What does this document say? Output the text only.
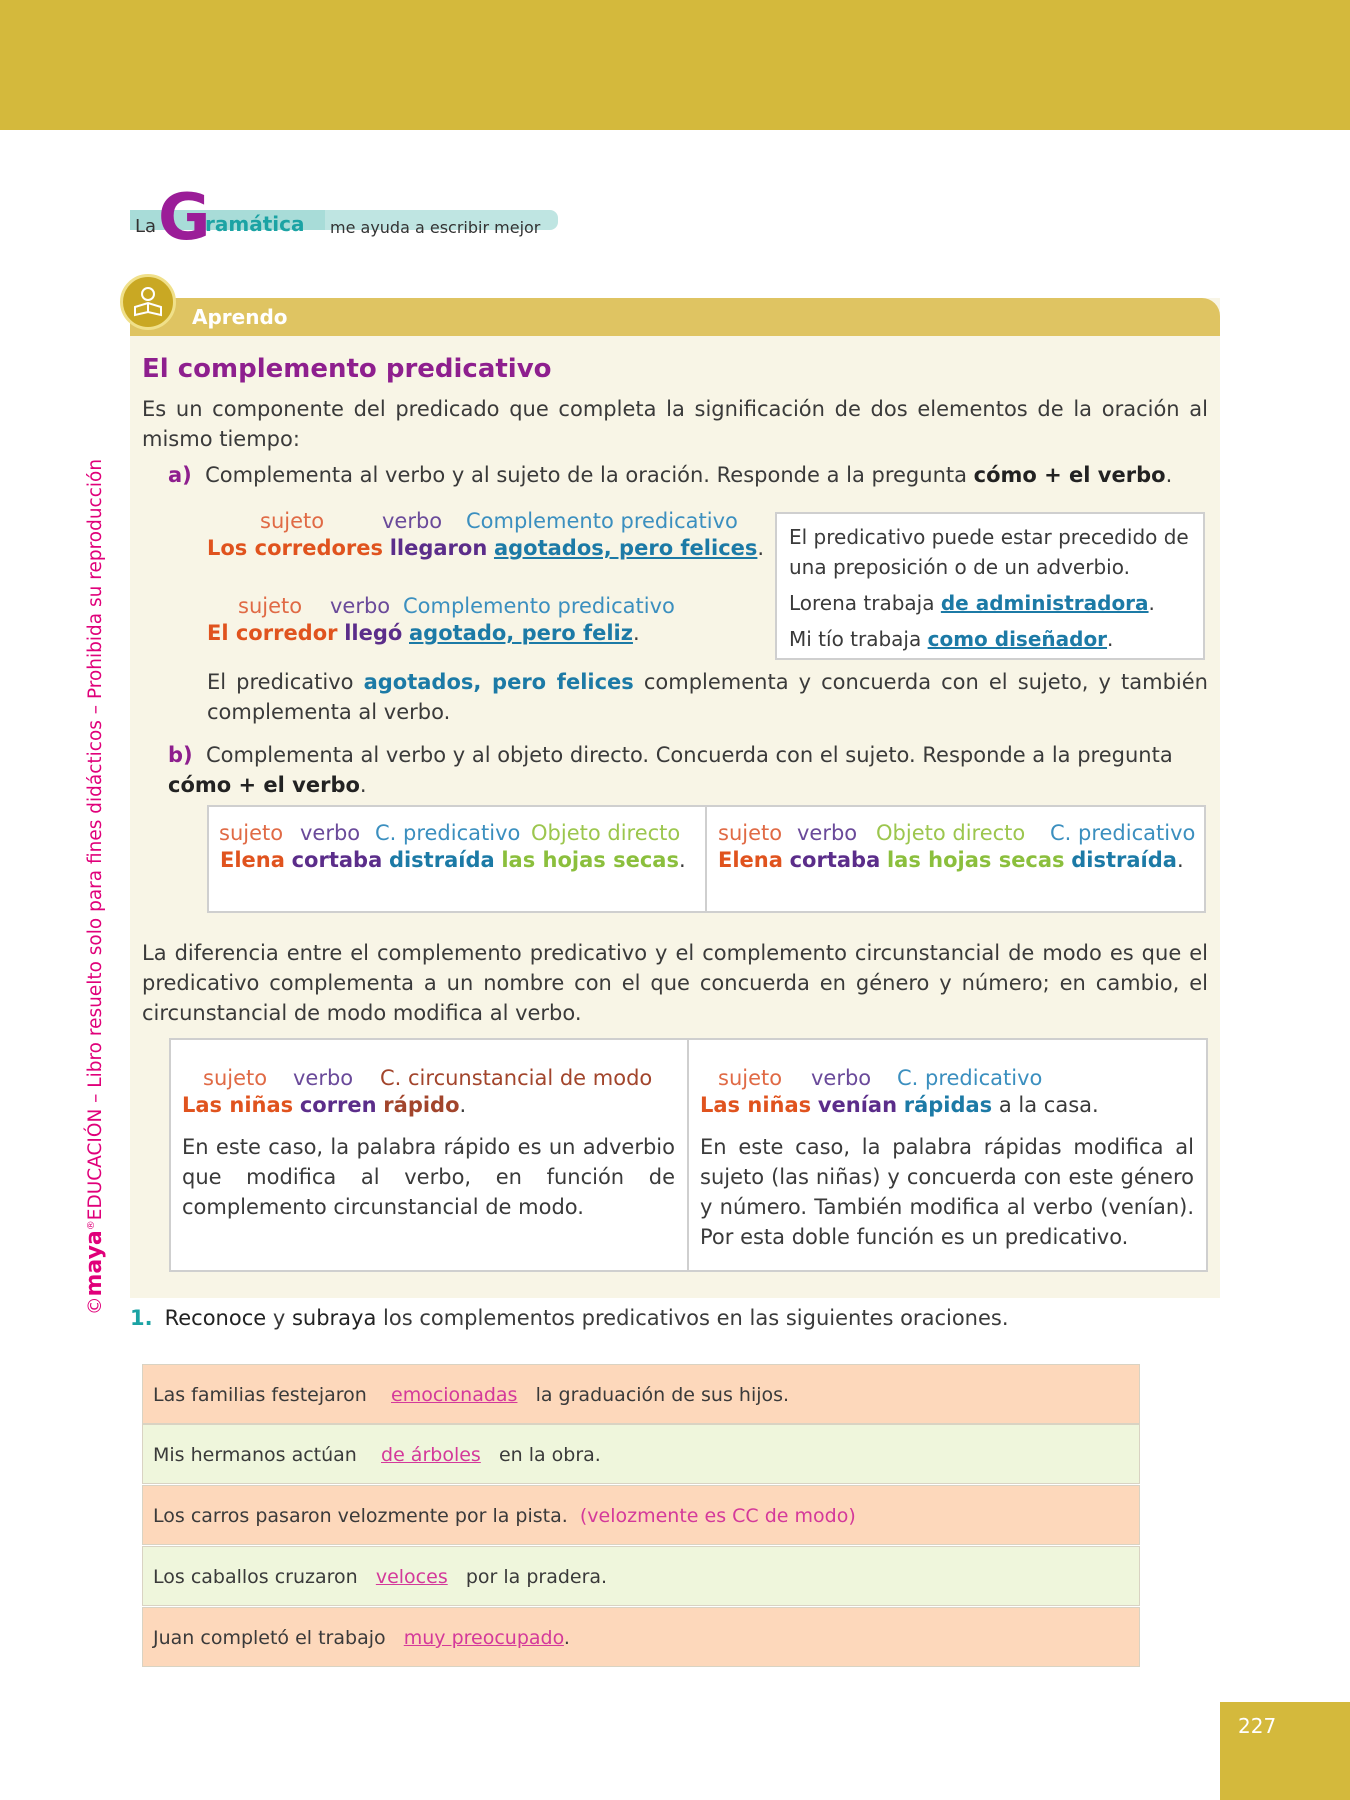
©maya®EDUCACIÓN – Libro resuelto solo para fines didácticos – Prohibida su reproducción
La G
ramática me ayuda a escribir mejor
Aprendo
El complemento predicativo
Es un componente del predicado que completa la significación de dos elementos de la oración al mismo tiempo:
a) Complementa al verbo y al sujeto de la oración. Responde a la pregunta cómo + el verbo.
sujeto	verbo Complemento predicativo
Los corredores llegaron agotados, pero felices.
sujeto verbo Complemento predicativo
El corredor llegó agotado, pero feliz.
El predicativo puede estar precedido de una preposición o de un adverbio.
Lorena trabaja de administradora.
Mi tío trabaja como diseñador.
El predicativo agotados, pero felices complementa y concuerda con el sujeto, y también complementa al verbo.
b) Complementa al verbo y al objeto directo. Concuerda con el sujeto. Responde a la pregunta cómo + el verbo.
sujeto verbo C. predicativo Objeto directo
Elena cortaba distraída las hojas secas.
sujeto verbo Objeto directo C. predicativo
Elena cortaba las hojas secas distraída.
La diferencia entre el complemento predicativo y el complemento circunstancial de modo es que el predicativo complementa a un nombre con el que concuerda en género y número; en cambio, el circunstancial de modo modifica al verbo.
sujeto verbo C. circunstancial de modo
Las niñas corren rápido.
En este caso, la palabra rápido es un adverbio que modifica al verbo, en función de complemento circunstancial de modo.
sujeto verbo C. predicativo
Las niñas venían rápidas a la casa.
En este caso, la palabra rápidas modifica al sujeto (las niñas) y concuerda con este género y número. También modifica al verbo (venían). Por esta doble función es un predicativo.
1. Reconoce y subraya los complementos predicativos en las siguientes oraciones.
Las familias festejaron emocionadas la graduación de sus hijos.
Mis hermanos actúan de árboles en la obra.
Los carros pasaron velozmente por la pista. (velozmente es CC de modo)
Los caballos cruzaron veloces por la pradera.
Juan completó el trabajo muy preocupado.
227
